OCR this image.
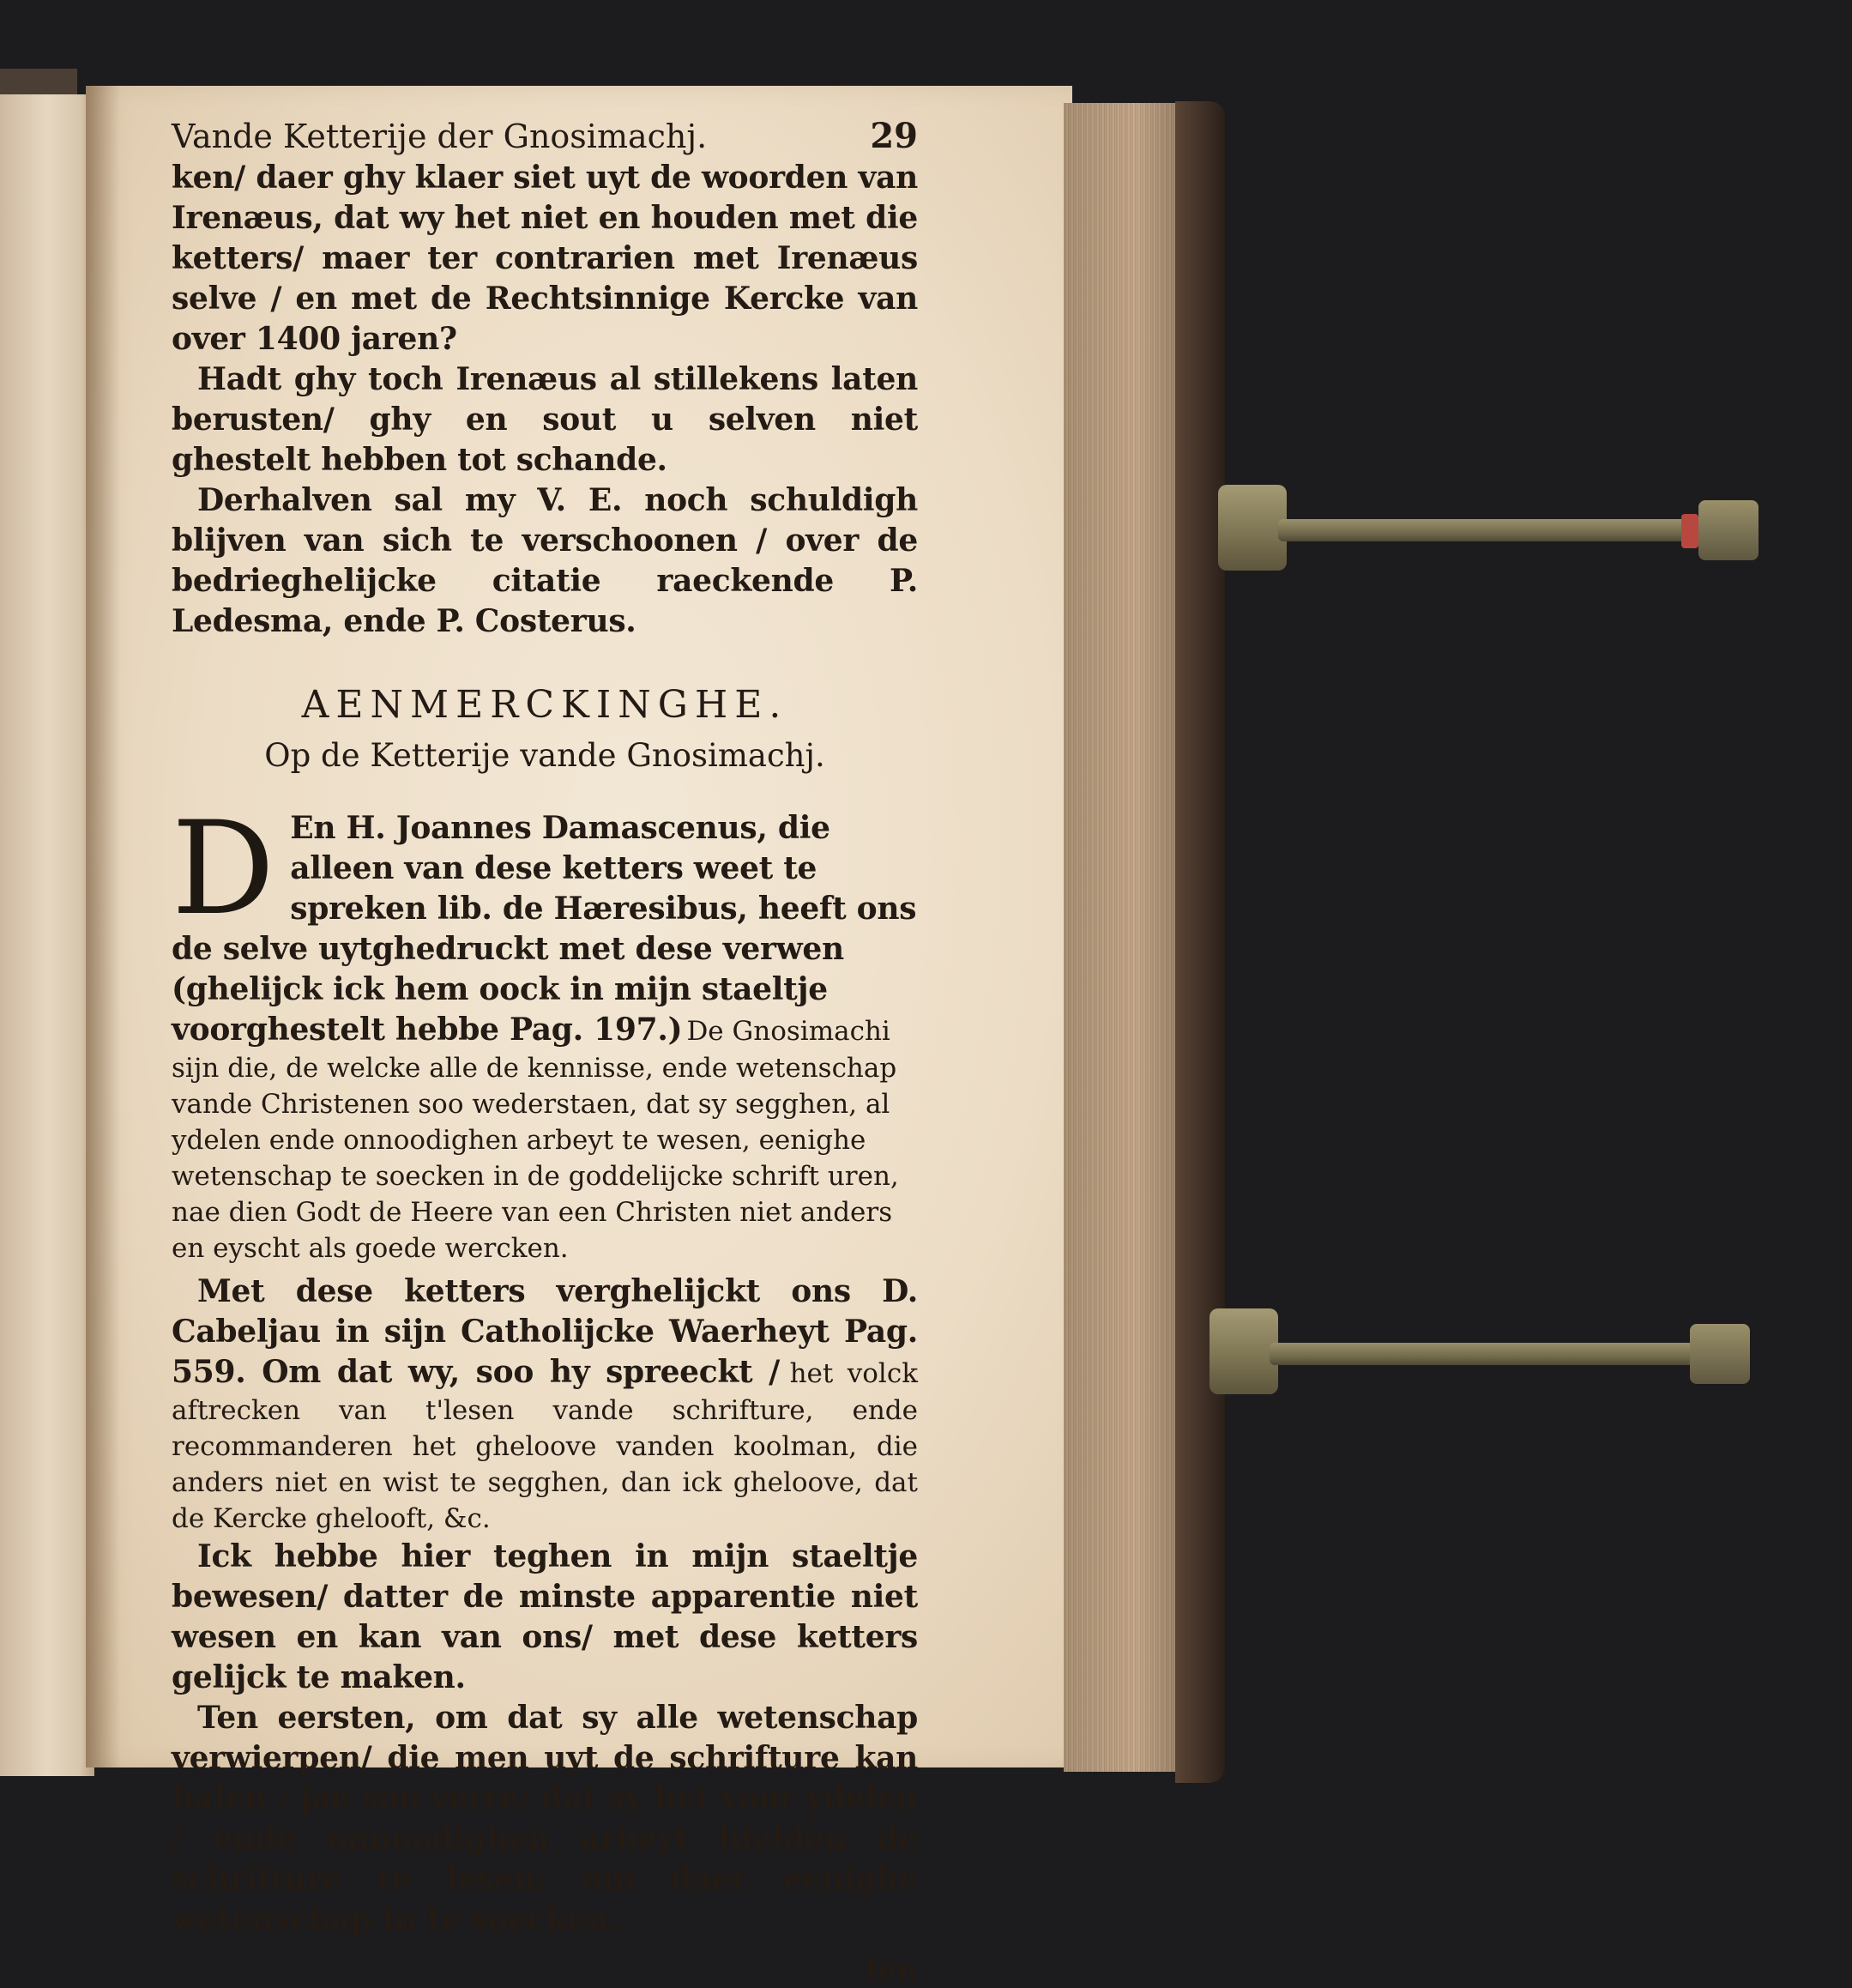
Vande Ketterije der Gnosimachj.	29
ken/ daer ghy klaer siet uyt de woorden van Irenæus, dat wy het niet en houden met die ketters/ maer ter contrarien met Irenæus selve / en met de Rechtsinnige Kercke van over 1400 jaren?
Hadt ghy toch Irenæus al stillekens laten berusten/ ghy en sout u selven niet ghestelt hebben tot schande.
Derhalven sal my V. E. noch schuldigh blijven van sich te verschoonen / over de bedrieghelijcke citatie raeckende P. Ledesma, ende P. Costerus.
AENMERCKINGHE.
Op de Ketterije vande Gnosimachj.
D En H. Joannes Damascenus, die alleen van dese ketters weet te spreken lib. de Hæresibus, heeft ons de selve uytghedruckt met dese verwen (ghelijck ick hem oock in mijn staeltje voorghestelt hebbe Pag. 197.) De Gnosimachi sijn die, de welcke alle de kennisse, ende wetenschap vande Christenen soo wederstaen, dat sy segghen, al ydelen ende onnoodighen arbeyt te wesen, eenighe wetenschap te soecken in de goddelijcke schrift uren, nae dien Godt de Heere van een Christen niet anders en eyscht als goede wercken.
Met dese ketters verghelijckt ons D. Cabeljau in sijn Catholijcke Waerheyt Pag. 559. Om dat wy, soo hy spreeckt / het volck aftrecken van t'lesen vande schrifture, ende recommanderen het gheloove vanden koolman, die anders niet en wist te segghen, dan ick gheloove, dat de Kercke ghelooft, &c.
Ick hebbe hier teghen in mijn staeltje bewesen/ datter de minste apparentie niet wesen en kan van ons/ met dese ketters gelijck te maken.
Ten eersten, om dat sy alle wetenschap verwierpen/ die men uyt de schrifture kan halen / jae soo verre/ dat sy het voor ydelen / ende onnoodighen arbeyt hielden de schrifture te lesen/ om daer eenighe wetenschap in te soecken.
Ten
